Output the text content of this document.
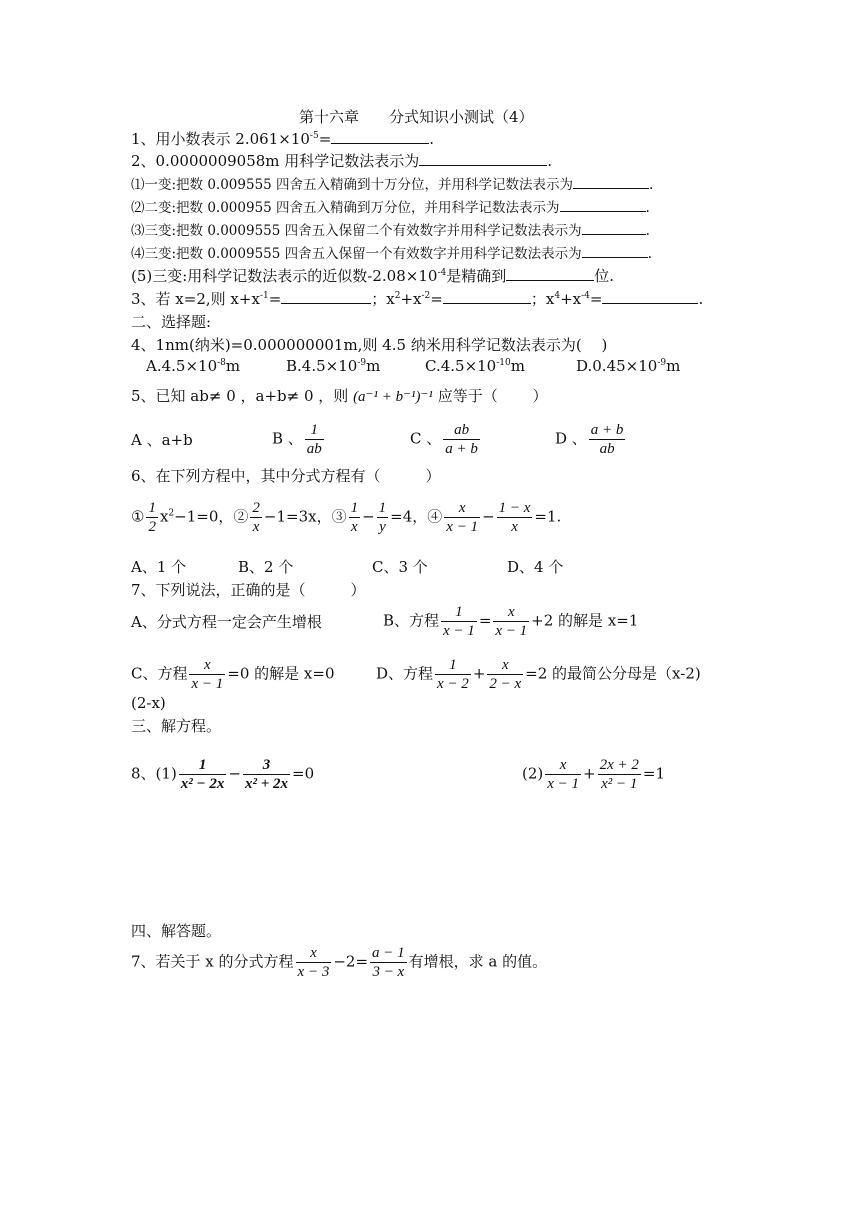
第十六章　　分式知识小测试（4）
1、用小数表示 $2.061\times 10^{-5}=$	.
2、0.0000009058m 用科学记数法表示为	.
⑴一变:把数 0.009555 四舍五入精确到十万分位，并用科学记数法表示为	.
⑵二变:把数 0.000955 四舍五入精确到万分位，并用科学记数法表示为	.
⑶三变:把数 0.0009555 四舍五入保留二个有效数字并用科学记数法表示为	.
⑷三变:把数 0.0009555 四舍五入保留一个有效数字并用科学记数法表示为	.
(5)三变:用科学记数法表示的近似数$-2.08\times 10^{-4}$是精确到	位.
3、若 x=2,则 $x+x^{-1}=$	；$x^2+x^{-2}=$	；$x^4+x^{-4}=$	.
二、选择题:
4、1nm(纳米)=0.000000001m,则 4.5 纳米用科学记数法表示为(　 )
$A.4.5\times 10^{-8}m$	$B.4.5\times 10^{-9}m$	$C.4.5\times 10^{-10}m$	$D.0.45\times 10^{-9}m$
5、已知 ab≠ 0 ，a+b≠ 0 ，则 (a⁻¹ + b⁻¹)⁻¹ 应等于（　　 ）
A 、a+b	B 、 $\frac{1}{ab}$	C 、 $\frac{ab}{a + b}$	D 、 $\frac{a + b}{ab}$
6、在下列方程中，其中分式方程有（　　　）
① $\frac{1}{2} x^2-1=0$，② $\frac{2}{x} -1=3x$，③ $\frac{1}{x} - \frac{1}{y} =4$，④ $\frac{x}{x - 1} - \frac{1 - x}{x} =1$.
A、1 个	B、2 个	C、3 个	D、4 个
7、下列说法，正确的是（　　　）
A、分式方程一定会产生增根	B、方程 $\frac{1}{x - 1} = \frac{x}{x - 1} +2$ 的解是 x=1
C、方程 $\frac{x}{x - 1} =0$ 的解是 x=0	D、方程 $\frac{1}{x - 2} + \frac{x}{2 - x} =2$ 的最简公分母是（x-2)
(2-x)
三、解方程。
8、$(1) \frac{1}{\text{x² − 2x}} - \frac{3}{\text{x² + 2x}} =0$	$(2) \frac{x}{x - 1} + \frac{2x + 2}{\text{x² − 1}} =1$
四、解答题。
7、若关于 x 的分式方程 $\frac{x}{x - 3} -2= \frac{a - 1}{3 - x}$ 有增根，求 a 的值。
